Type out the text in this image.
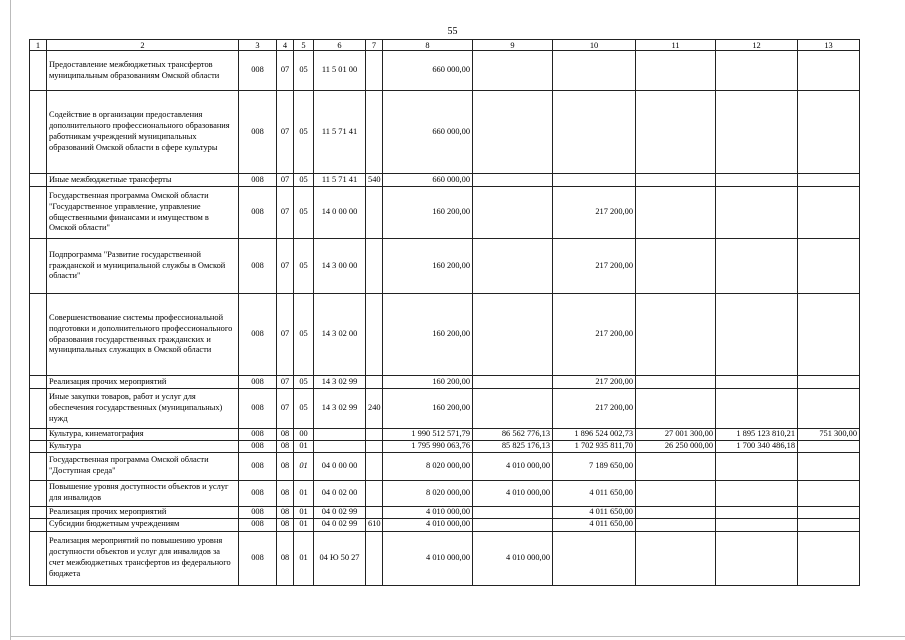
55
1	2	3	4	5	6	7	8	9	10	11	12	13
	Предоставление межбюджетных трансфертов муниципальным образованиям Омской области	008	07	05	11 5 01 00		660 000,00					
	Содействие в организации предоставления дополнительного профессионального образования работникам учреждений муниципальных образований Омской области в сфере культуры	008	07	05	11 5 71 41		660 000,00					
	Иные межбюджетные трансферты	008	07	05	11 5 71 41	540	660 000,00					
	Государственная программа Омской области "Государственное управление, управление общественными финансами и имуществом в Омской области"	008	07	05	14 0 00 00		160 200,00		217 200,00			
	Подпрограмма "Развитие государственной гражданской и муниципальной службы в Омской области"	008	07	05	14 3 00 00		160 200,00		217 200,00			
	Совершенствование системы профессиональной подготовки и дополнительного профессионального образования государственных гражданских и муниципальных служащих в Омской области	008	07	05	14 3 02 00		160 200,00		217 200,00			
	Реализация прочих мероприятий	008	07	05	14 3 02 99		160 200,00		217 200,00			
	Иные закупки товаров, работ и услуг для обеспечения государственных (муниципальных) нужд	008	07	05	14 3 02 99	240	160 200,00		217 200,00			
	Культура, кинематография	008	08	00			1 990 512 571,79	86 562 776,13	1 896 524 002,73	27 001 300,00	1 895 123 810,21	751 300,00
	Культура	008	08	01			1 795 990 063,76	85 825 176,13	1 702 935 811,70	26 250 000,00	1 700 340 486,18	
	Государственная программа Омской области "Доступная среда"	008	08	01	04 0 00 00		8 020 000,00	4 010 000,00	7 189 650,00			
	Повышение уровня доступности объектов и услуг для инвалидов	008	08	01	04 0 02 00		8 020 000,00	4 010 000,00	4 011 650,00			
	Реализация прочих мероприятий	008	08	01	04 0 02 99		4 010 000,00		4 011 650,00			
	Субсидии бюджетным учреждениям	008	08	01	04 0 02 99	610	4 010 000,00		4 011 650,00			
	Реализация мероприятий по повышению уровня доступности объектов и услуг для инвалидов за счет межбюджетных трансфертов из федерального бюджета	008	08	01	04 Ю 50 27		4 010 000,00	4 010 000,00				
